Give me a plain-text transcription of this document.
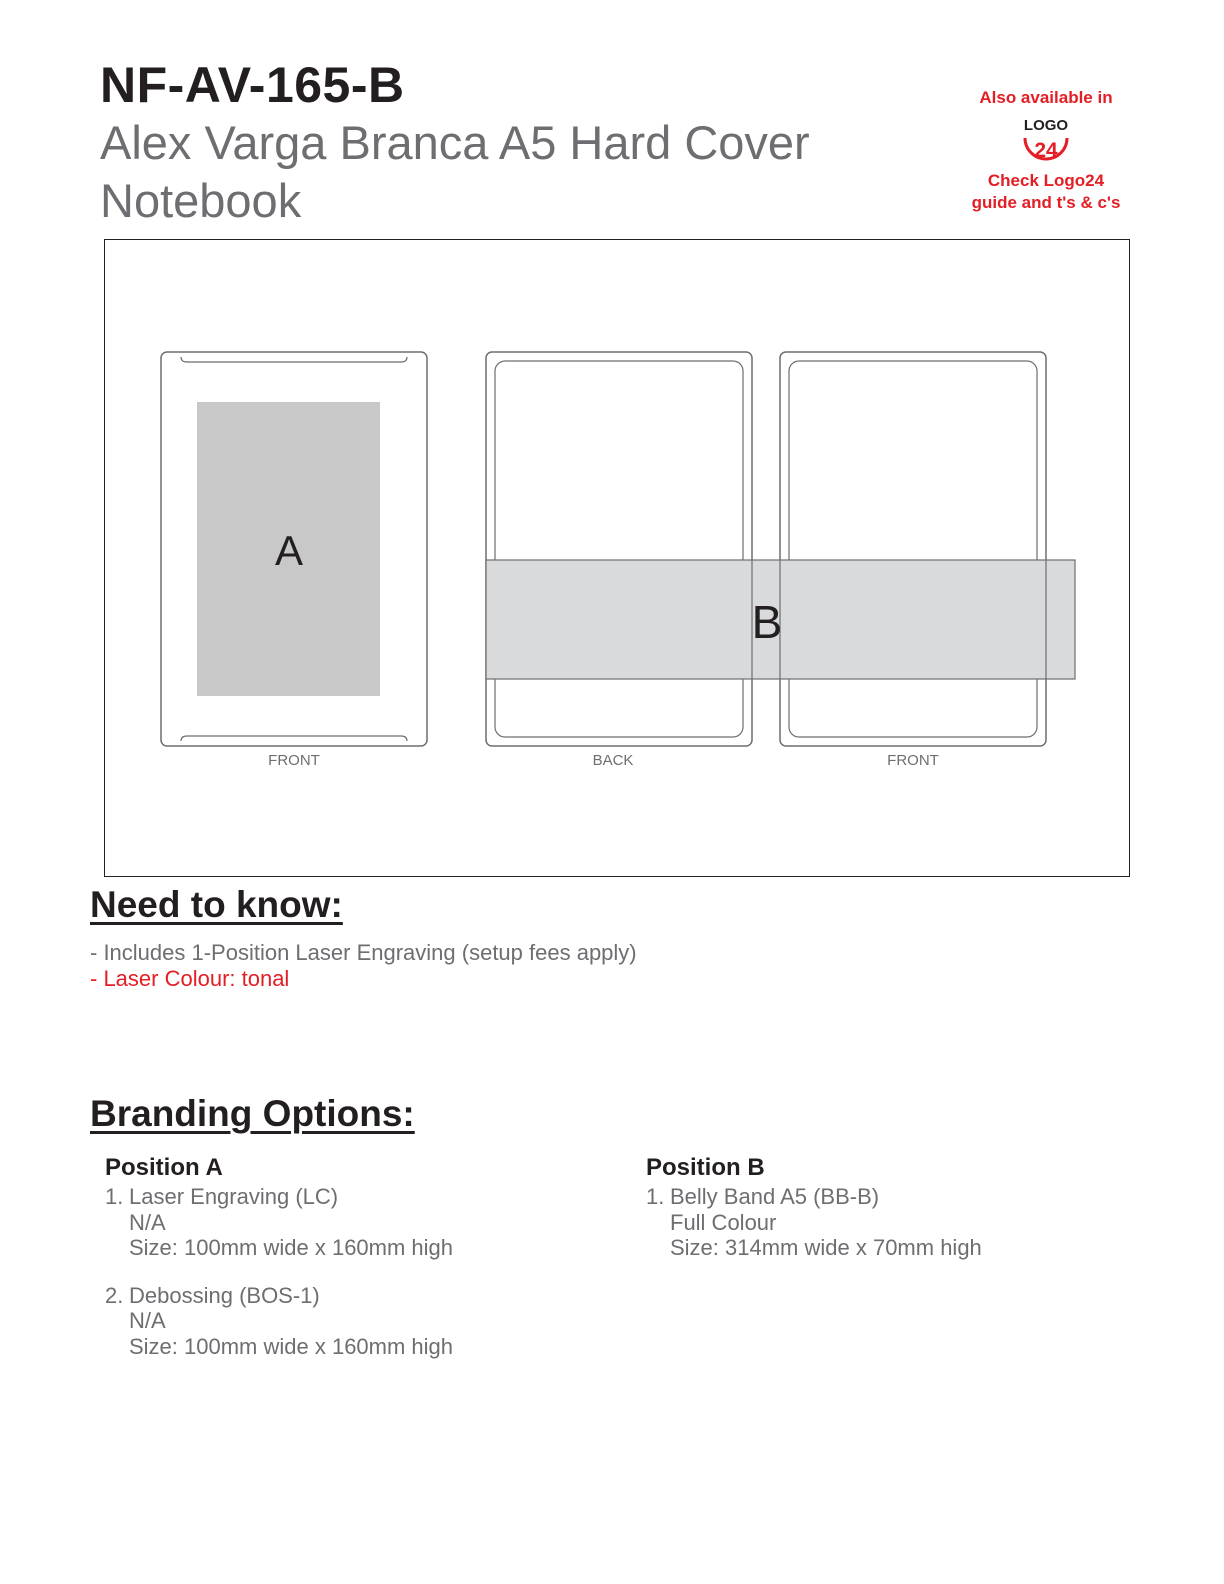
NF-AV-165-B
Alex Varga Branca A5 Hard Cover
Notebook
Also available in
LOGO
24
Check Logo24
guide and t's & c's
A
FRONT	BACK	FRONT
B
Need to know:
- Includes 1-Position Laser Engraving (setup fees apply)
- Laser Colour: tonal
Branding Options:
Position A
1. Laser Engraving (LC)
N/A
Size: 100mm wide x 160mm high
2. Debossing (BOS-1)
N/A
Size: 100mm wide x 160mm high
Position B
1. Belly Band A5 (BB-B)
Full Colour
Size: 314mm wide x 70mm high
